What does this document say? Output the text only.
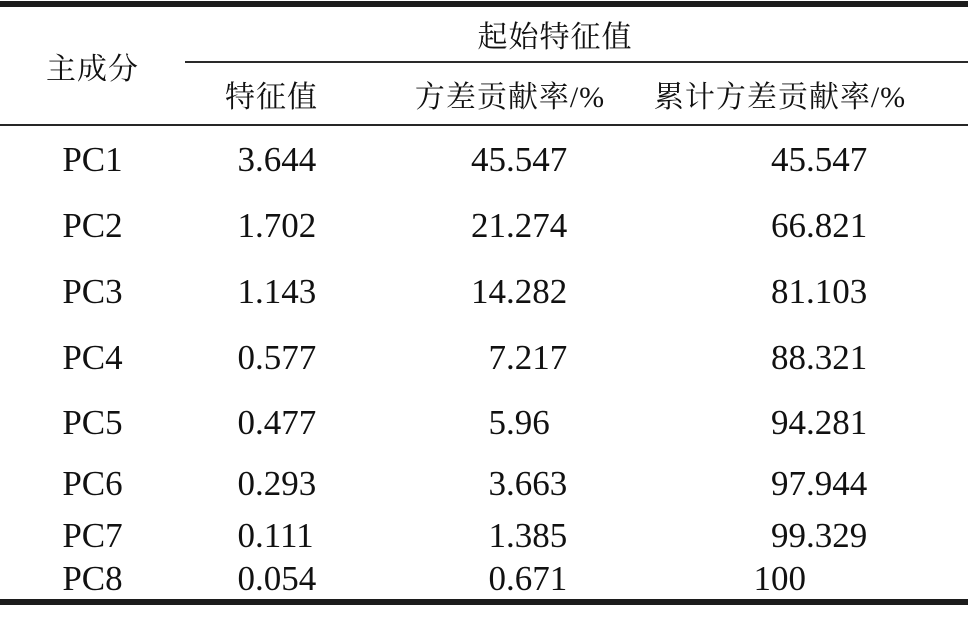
主成分	起始特征值		
	特征值	方差贡献率/%	累计方差贡献率/%
PC1	3 .644	45 .547	45 .547

PC2	1 .702	21 .274	66 .821

PC3	1 .143	14 .282	81 .103

PC4	0 .577	7 .217	88 .321

PC5	0 .477	5 .96	94 .281

PC6	0 .293	3 .663	97 .944

PC7	0 .111	1 .385	99 .329

PC8	0 .054	0 .671	100
